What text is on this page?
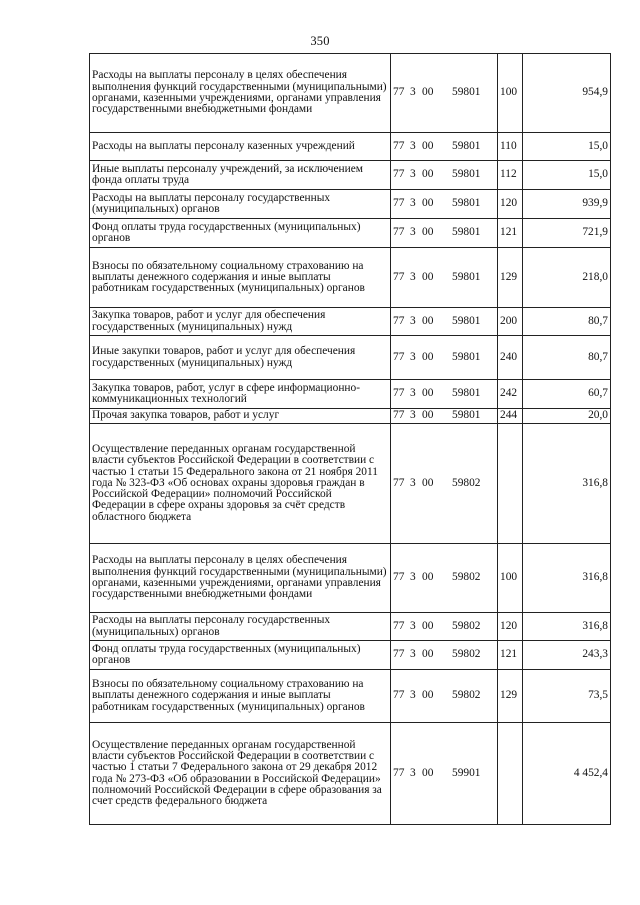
350
Расходы на выплаты персоналу в целях обеспечения выполнения функций государственными (муниципальными) органами, казенными учреждениями, органами управления государственными внебюджетными фондами	77 3 00 59801	100	954,9
Расходы на выплаты персоналу казенных учреждений	77 3 00 59801	110	15,0
Иные выплаты персоналу учреждений, за исключением фонда оплаты труда	77 3 00 59801	112	15,0
Расходы на выплаты персоналу государственных (муниципальных) органов	77 3 00 59801	120	939,9
Фонд оплаты труда государственных (муниципальных) органов	77 3 00 59801	121	721,9
Взносы по обязательному социальному страхованию на выплаты денежного содержания и иные выплаты работникам государственных (муниципальных) органов	77 3 00 59801	129	218,0
Закупка товаров, работ и услуг для обеспечения государственных (муниципальных) нужд	77 3 00 59801	200	80,7
Иные закупки товаров, работ и услуг для обеспечения государственных (муниципальных) нужд	77 3 00 59801	240	80,7
Закупка товаров, работ, услуг в сфере информационно-коммуникационных технологий	77 3 00 59801	242	60,7
Прочая закупка товаров, работ и услуг	77 3 00 59801	244	20,0
Осуществление переданных органам государственной власти субъектов Российской Федерации в соответствии с частью 1 статьи 15 Федерального закона от 21 ноября 2011 года № 323-ФЗ «Об основах охраны здоровья граждан в Российской Федерации» полномочий Российской Федерации в сфере охраны здоровья за счёт средств областного бюджета	77 3 00 59802		316,8
Расходы на выплаты персоналу в целях обеспечения выполнения функций государственными (муниципальными) органами, казенными учреждениями, органами управления государственными внебюджетными фондами	77 3 00 59802	100	316,8
Расходы на выплаты персоналу государственных (муниципальных) органов	77 3 00 59802	120	316,8
Фонд оплаты труда государственных (муниципальных) органов	77 3 00 59802	121	243,3
Взносы по обязательному социальному страхованию на выплаты денежного содержания и иные выплаты работникам государственных (муниципальных) органов	77 3 00 59802	129	73,5
Осуществление переданных органам государственной власти субъектов Российской Федерации в соответствии с частью 1 статьи 7 Федерального закона от 29 декабря 2012 года № 273-ФЗ «Об образовании в Российской Федерации» полномочий Российской Федерации в сфере образования за счет средств федерального бюджета	77 3 00 59901		4 452,4
